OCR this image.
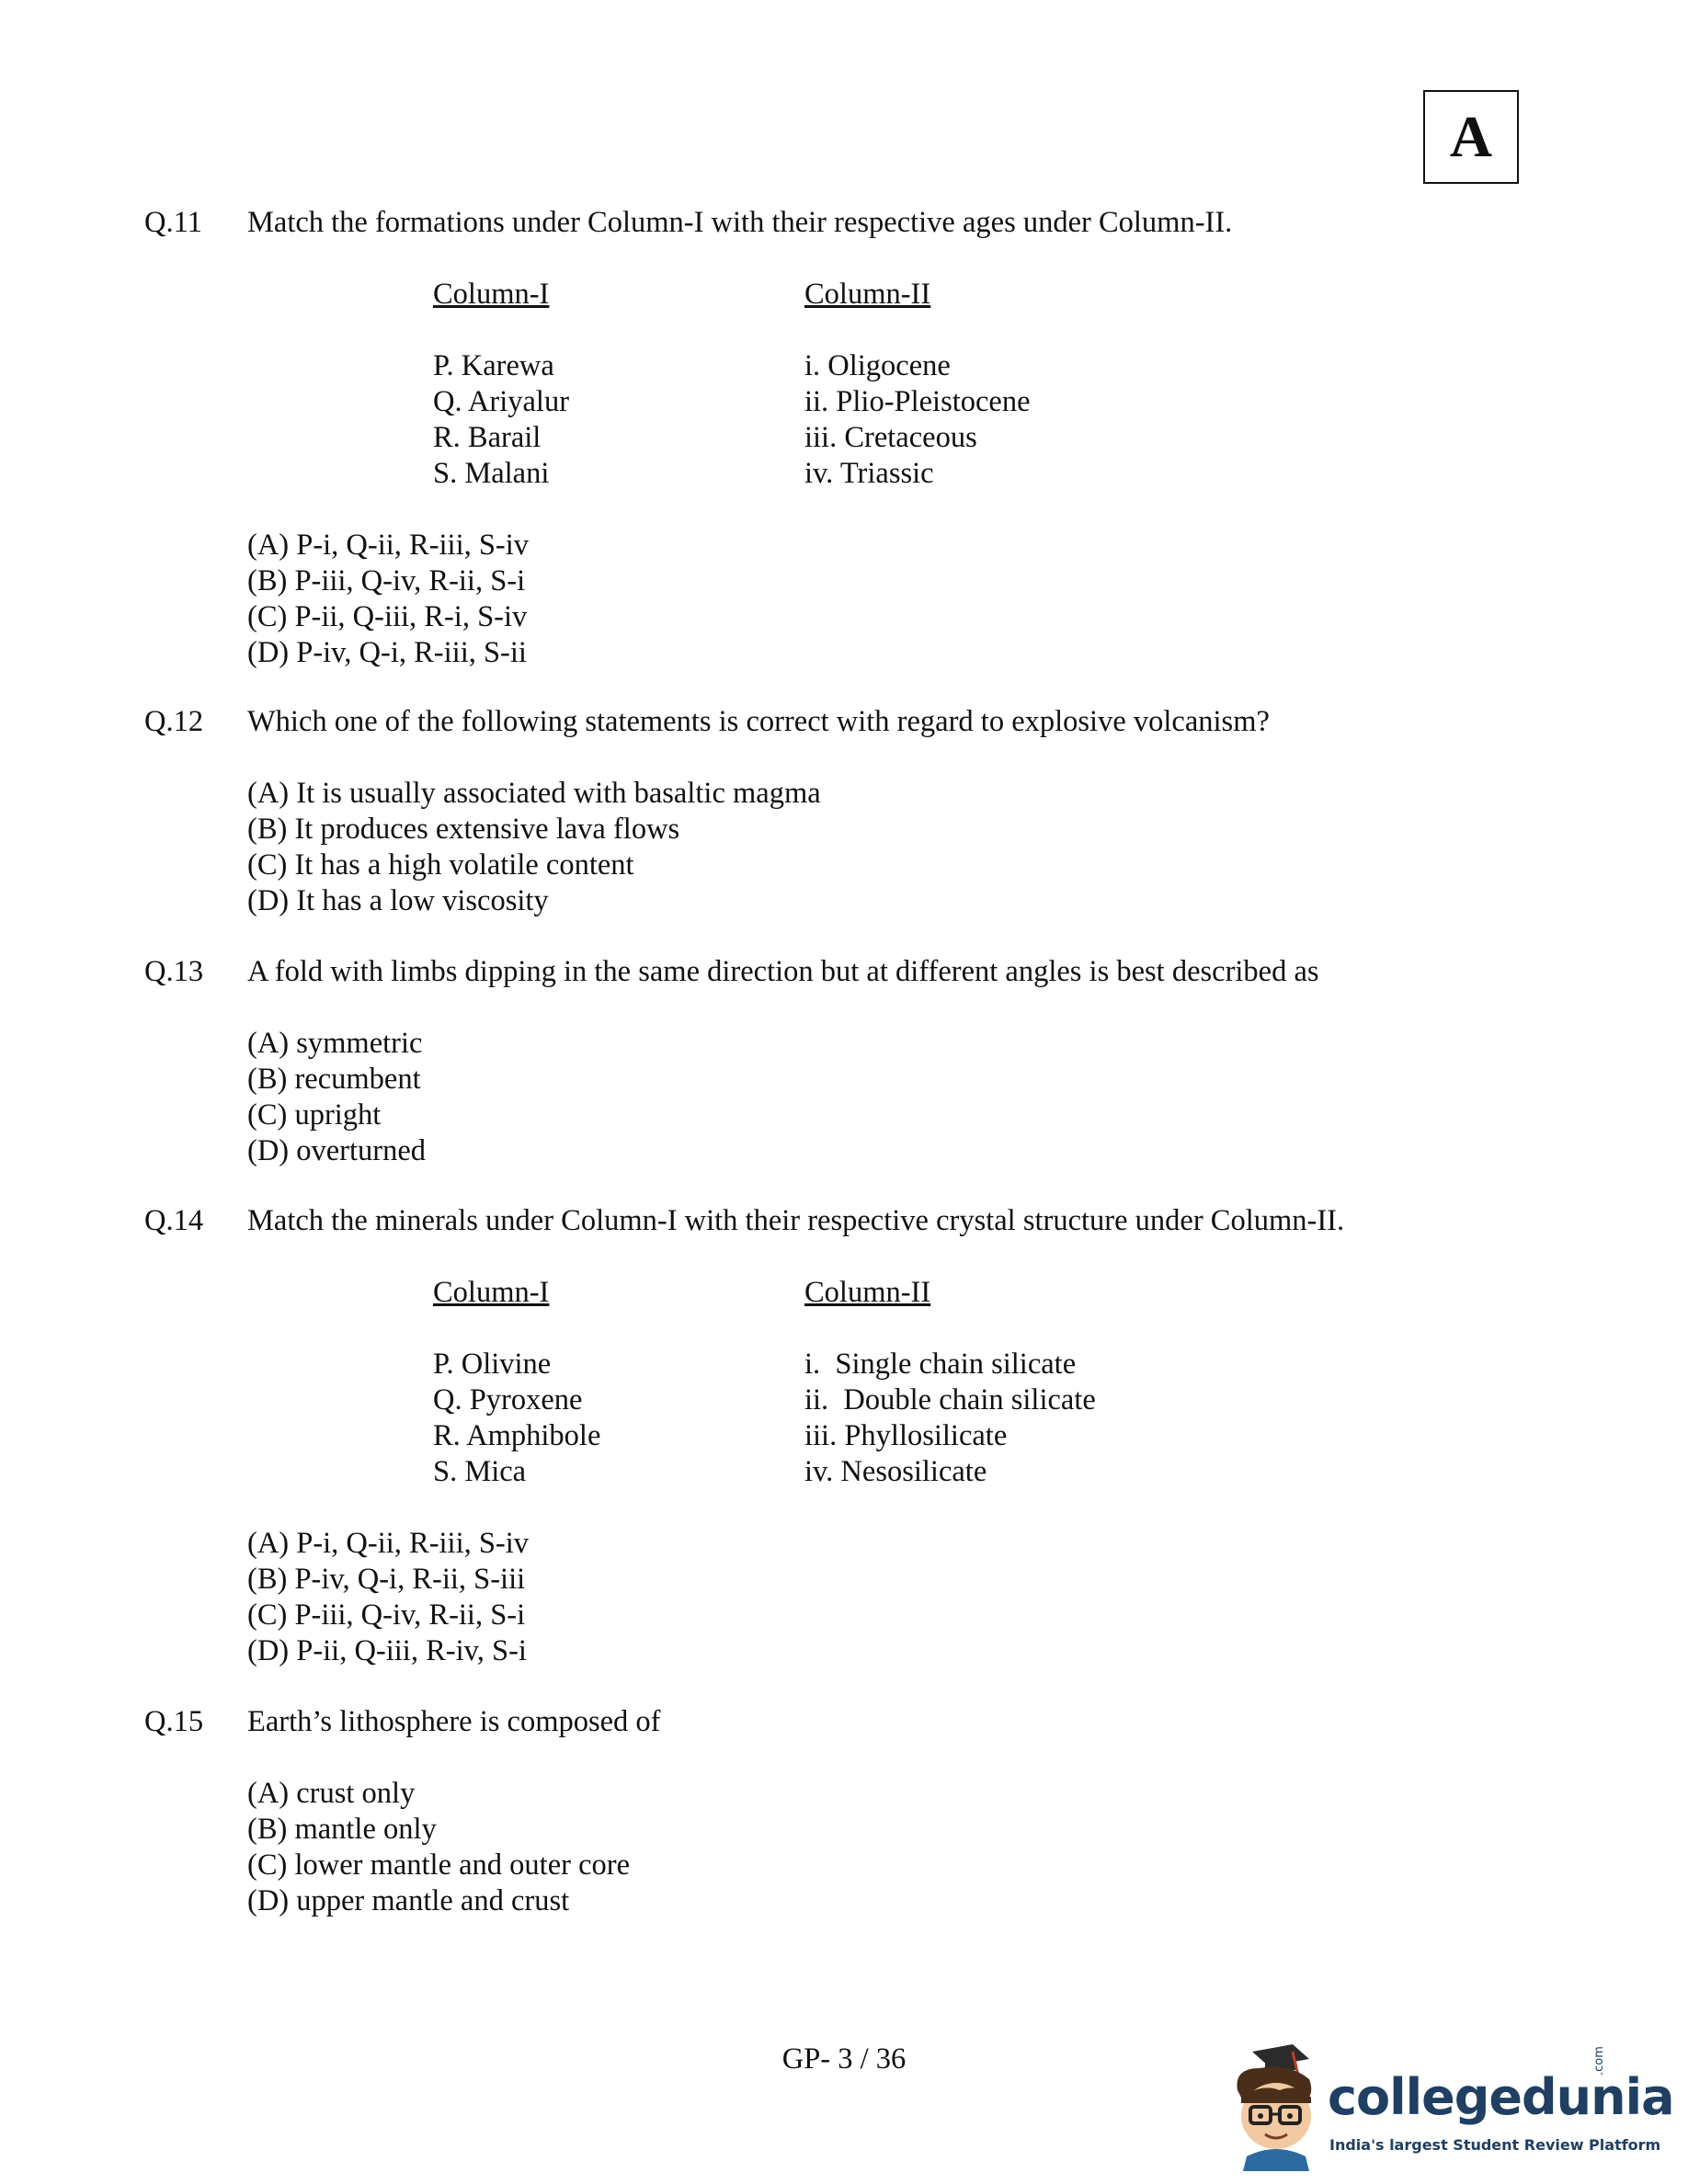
A
Q.11 Match the formations under Column-I with their respective ages under Column-II.
Column-I
P. Karewa
Q. Ariyalur
R. Barail
S. Malani
Column-II
i. Oligocene
ii. Plio-Pleistocene
iii. Cretaceous
iv. Triassic
(A) P-i, Q-ii, R-iii, S-iv
(B) P-iii, Q-iv, R-ii, S-i
(C) P-ii, Q-iii, R-i, S-iv
(D) P-iv, Q-i, R-iii, S-ii
Q.12 Which one of the following statements is correct with regard to explosive volcanism?
(A) It is usually associated with basaltic magma
(B) It produces extensive lava flows
(C) It has a high volatile content
(D) It has a low viscosity
Q.13 A fold with limbs dipping in the same direction but at different angles is best described as
(A) symmetric
(B) recumbent
(C) upright
(D) overturned
Q.14 Match the minerals under Column-I with their respective crystal structure under Column-II.
Column-I
P. Olivine
Q. Pyroxene
R. Amphibole
S. Mica
Column-II
i.  Single chain silicate
ii.  Double chain silicate
iii. Phyllosilicate
iv. Nesosilicate
(A) P-i, Q-ii, R-iii, S-iv
(B) P-iv, Q-i, R-ii, S-iii
(C) P-iii, Q-iv, R-ii, S-i
(D) P-ii, Q-iii, R-iv, S-i
Q.15 Earth’s lithosphere is composed of
(A) crust only
(B) mantle only
(C) lower mantle and outer core
(D) upper mantle and crust
GP- 3 / 36
collegedunia
.com
India's largest Student Review Platform
